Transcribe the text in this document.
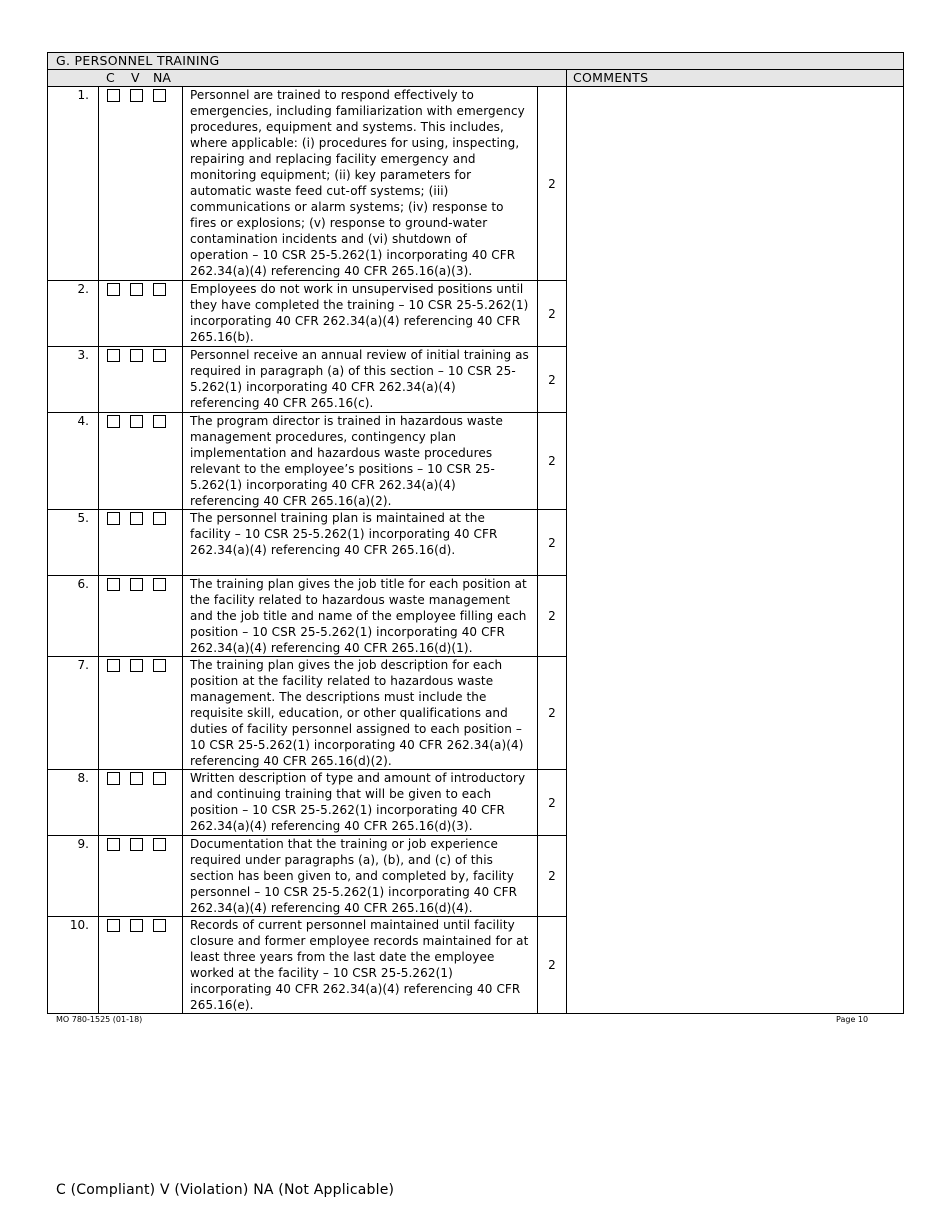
G. PERSONNEL TRAINING				

C V NA				COMMENTS
1.		Personnel are trained to respond effectively to emergencies, including familiarization with emergency procedures, equipment and systems. This includes, where applicable: (i) procedures for using, inspecting, repairing and replacing facility emergency and monitoring equipment; (ii) key parameters for automatic waste feed cut-off systems; (iii) communications or alarm systems; (iv) response to fires or explosions; (v) response to ground-water contamination incidents and (vi) shutdown of operation – 10 CSR 25-5.262(1) incorporating 40 CFR 262.34(a)(4) referencing 40 CFR 265.16(a)(3).	2	
2.		Employees do not work in unsupervised positions until they have completed the training – 10 CSR 25-5.262(1) incorporating 40 CFR 262.34(a)(4) referencing 40 CFR 265.16(b).	2	
3.		Personnel receive an annual review of initial training as required in paragraph (a) of this section – 10 CSR 25-5.262(1) incorporating 40 CFR 262.34(a)(4) referencing 40 CFR 265.16(c).	2	
4.		The program director is trained in hazardous waste management procedures, contingency plan implementation and hazardous waste procedures relevant to the employee’s positions – 10 CSR 25-5.262(1) incorporating 40 CFR 262.34(a)(4) referencing 40 CFR 265.16(a)(2).	2	
5.		The personnel training plan is maintained at the facility – 10 CSR 25-5.262(1) incorporating 40 CFR 262.34(a)(4) referencing 40 CFR 265.16(d).	2	
6.		The training plan gives the job title for each position at the facility related to hazardous waste management and the job title and name of the employee filling each position – 10 CSR 25-5.262(1) incorporating 40 CFR 262.34(a)(4) referencing 40 CFR 265.16(d)(1).	2	
7.		The training plan gives the job description for each position at the facility related to hazardous waste management. The descriptions must include the requisite skill, education, or other qualifications and duties of facility personnel assigned to each position – 10 CSR 25-5.262(1) incorporating 40 CFR 262.34(a)(4) referencing 40 CFR 265.16(d)(2).	2	
8.		Written description of type and amount of introductory and continuing training that will be given to each position – 10 CSR 25-5.262(1) incorporating 40 CFR 262.34(a)(4) referencing 40 CFR 265.16(d)(3).	2	
9.		Documentation that the training or job experience required under paragraphs (a), (b), and (c) of this section has been given to, and completed by, facility personnel – 10 CSR 25-5.262(1) incorporating 40 CFR 262.34(a)(4) referencing 40 CFR 265.16(d)(4).	2	
10.		Records of current personnel maintained until facility closure and former employee records maintained for at least three years from the last date the employee worked at the facility – 10 CSR 25-5.262(1) incorporating 40 CFR 262.34(a)(4) referencing 40 CFR 265.16(e).	2	
MO 780-1525 (01-18)	Page 10
C (Compliant) V (Violation) NA (Not Applicable)
